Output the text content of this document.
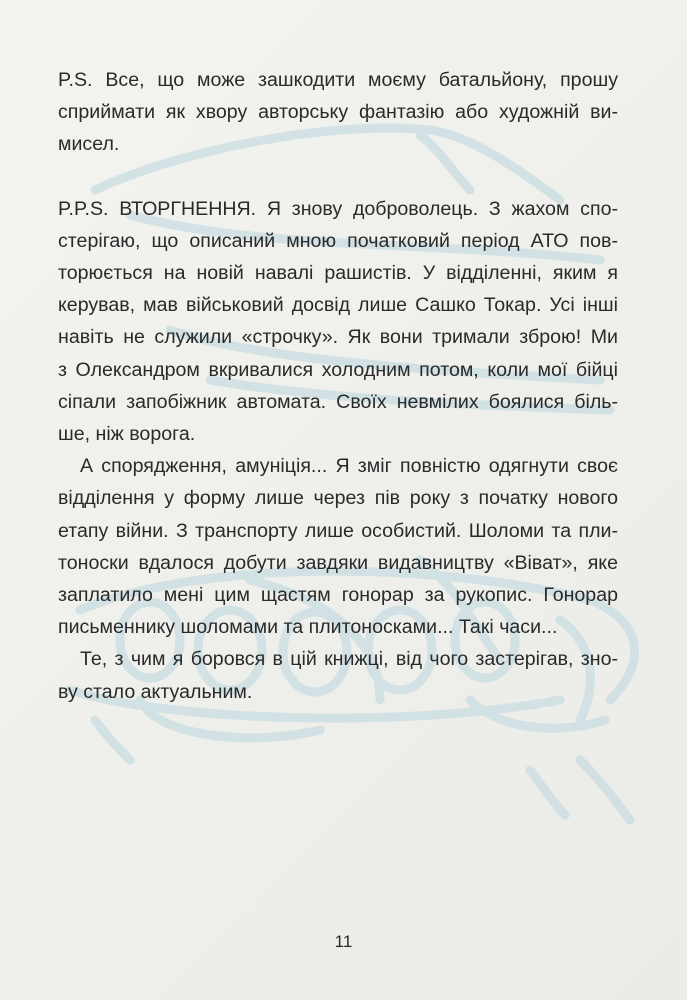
P.S. Все, що може зашкодити моєму батальйону, прошу
сприймати як хвору авторську фантазію або художній ви-
мисел.

P.P.S. ВТОРГНЕННЯ. Я знову доброволець. З жахом спо-
стерігаю, що описаний мною початковий період АТО пов-
торюється на новій навалі рашистів. У відділенні, яким я
керував, мав військовий досвід лише Сашко Токар. Усі інші
навіть не служили «строчку». Як вони тримали зброю! Ми
з Олександром вкривалися холодним потом, коли мої бійці
сіпали запобіжник автомата. Своїх невмілих боялися біль-
ше, ніж ворога.

А спорядження, амуніція... Я зміг повністю одягнути своє
відділення у форму лише через пів року з початку нового
етапу війни. З транспорту лише особистий. Шоломи та пли-
тоноски вдалося добути завдяки видавництву «Віват», яке
заплатило мені цим щастям гонорар за рукопис. Гонорар
письменнику шоломами та плитоносками... Такі часи...

Те, з чим я боровся в цій книжці, від чого застерігав, зно-
ву стало актуальним.

11
